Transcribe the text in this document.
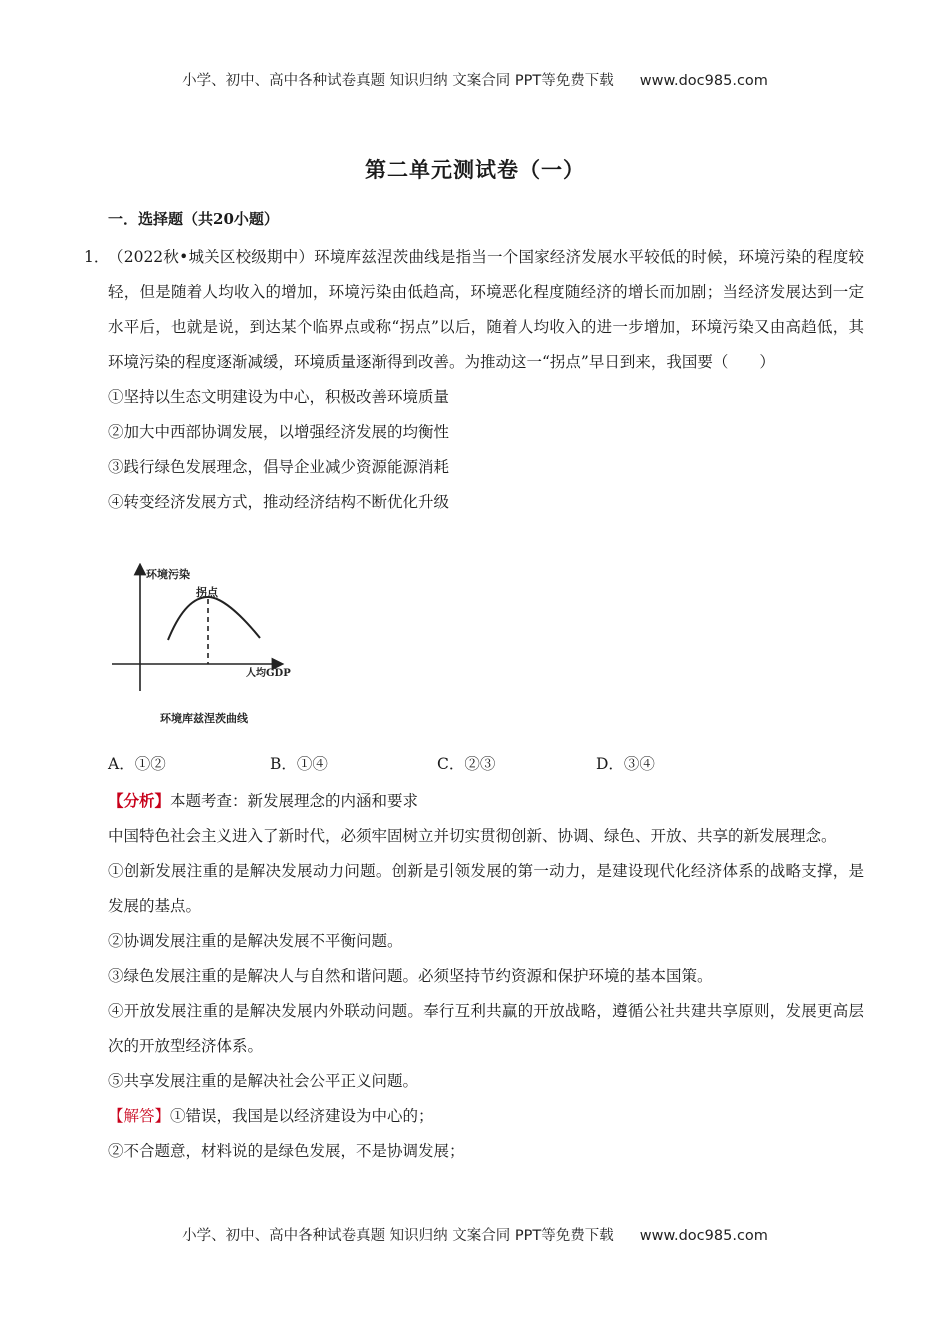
小学、初中、高中各种试卷真题 知识归纳 文案合同 PPT等免费下载 www.doc985.com
第二单元测试卷（一）
一．选择题（共20小题）
1．

（2022秋•城关区校级期中）环境库兹涅茨曲线是指当一个国家经济发展水平较低的时候，环境污染的程度较轻，但是随着人均收入的增加，环境污染由低趋高，环境恶化程度随经济的增长而加剧；当经济发展达到一定水平后，也就是说，到达某个临界点或称“拐点”以后，随着人均收入的进一步增加，环境污染又由高趋低，其环境污染的程度逐渐减缓，环境质量逐渐得到改善。为推动这一“拐点”早日到来，我国要（　　）

①坚持以生态文明建设为中心，积极改善环境质量

②加大中西部协调发展，以增强经济发展的均衡性

③践行绿色发展理念，倡导企业减少资源能源消耗

④转变经济发展方式，推动经济结构不断优化升级

环境污染
拐点
人均GDP
环境库兹涅茨曲线
A．①②	B．①④	C．②③	D．③④

【分析】本题考查：新发展理念的内涵和要求

中国特色社会主义进入了新时代，必须牢固树立并切实贯彻创新、协调、绿色、开放、共享的新发展理念。

①创新发展注重的是解决发展动力问题。创新是引领发展的第一动力，是建设现代化经济体系的战略支撑，是发展的基点。

②协调发展注重的是解决发展不平衡问题。

③绿色发展注重的是解决人与自然和谐问题。必须坚持节约资源和保护环境的基本国策。

④开放发展注重的是解决发展内外联动问题。奉行互利共赢的开放战略，遵循公社共建共享原则，发展更高层次的开放型经济体系。

⑤共享发展注重的是解决社会公平正义问题。

【解答】①错误，我国是以经济建设为中心的；

②不合题意，材料说的是绿色发展，不是协调发展；

小学、初中、高中各种试卷真题 知识归纳 文案合同 PPT等免费下载 www.doc985.com
